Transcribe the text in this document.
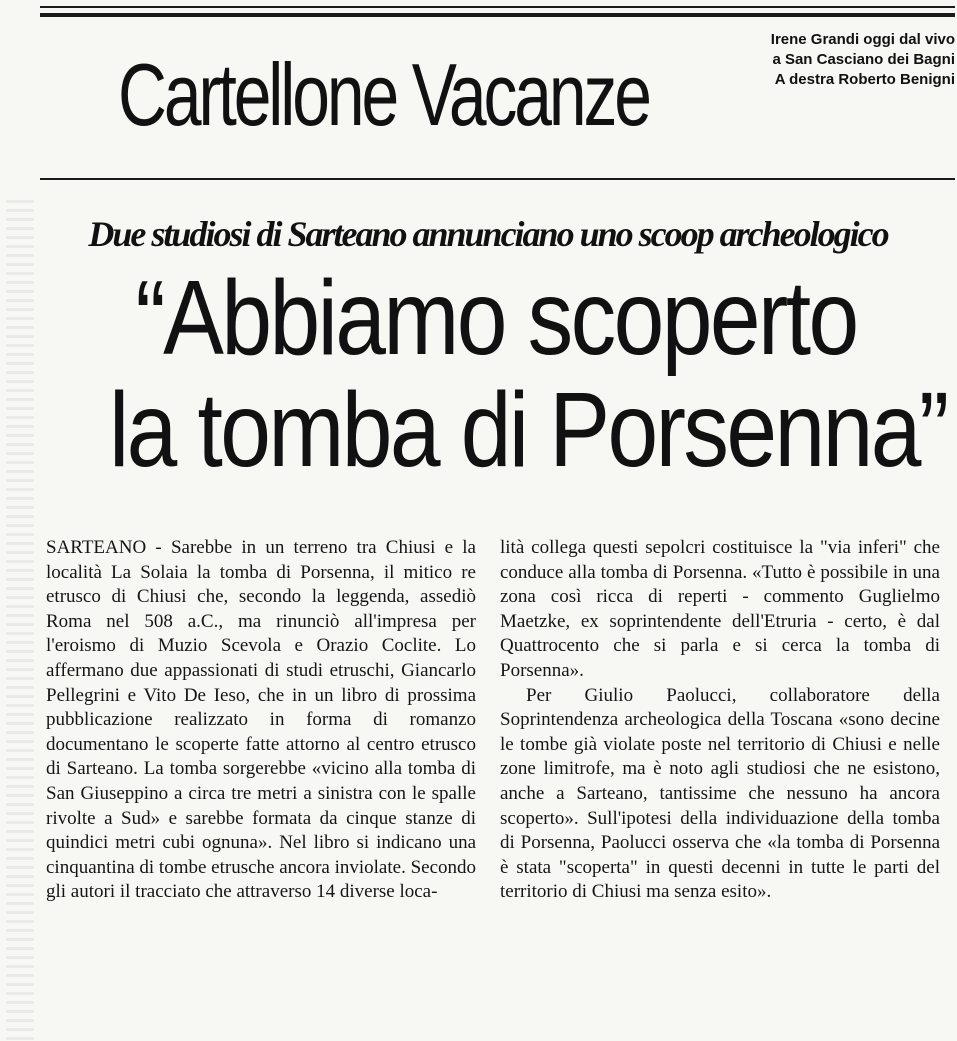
Cartellone Vacanze
Irene Grandi oggi dal vivo
a San Casciano dei Bagni
A destra Roberto Benigni
Due studiosi di Sarteano annunciano uno scoop archeologico
“Abbiamo scoperto
la tomba di Porsenna”

SARTEANO - Sarebbe in un terreno tra Chiusi e la località La Solaia la tomba di Porsenna, il mitico re etrusco di Chiusi che, secondo la leggenda, assediò Roma nel 508 a.C., ma rinunciò all'impresa per l'eroismo di Muzio Scevola e Orazio Coclite. Lo affermano due appassionati di studi etruschi, Giancarlo Pellegrini e Vito De Ieso, che in un libro di prossima pubblicazione realizzato in forma di romanzo documentano le scoperte fatte attorno al centro etrusco di Sarteano. La tomba sorgerebbe «vicino alla tomba di San Giuseppino a circa tre metri a sinistra con le spalle rivolte a Sud» e sarebbe formata da cinque stanze di quindici metri cubi ognuna». Nel libro si indicano una cinquantina di tombe etrusche ancora inviolate. Secondo gli autori il tracciato che attraverso 14 diverse loca-

lità collega questi sepolcri costituisce la "via inferi" che conduce alla tomba di Porsenna. «Tutto è possibile in una zona così ricca di reperti - commento Guglielmo Maetzke, ex soprintendente dell'Etruria - certo, è dal Quattrocento che si parla e si cerca la tomba di Porsenna».

Per Giulio Paolucci, collaboratore della Soprintendenza archeologica della Toscana «sono decine le tombe già violate poste nel territorio di Chiusi e nelle zone limitrofe, ma è noto agli studiosi che ne esistono, anche a Sarteano, tantissime che nessuno ha ancora scoperto». Sull'ipotesi della individuazione della tomba di Porsenna, Paolucci osserva che «la tomba di Porsenna è stata "scoperta" in questi decenni in tutte le parti del territorio di Chiusi ma senza esito».
